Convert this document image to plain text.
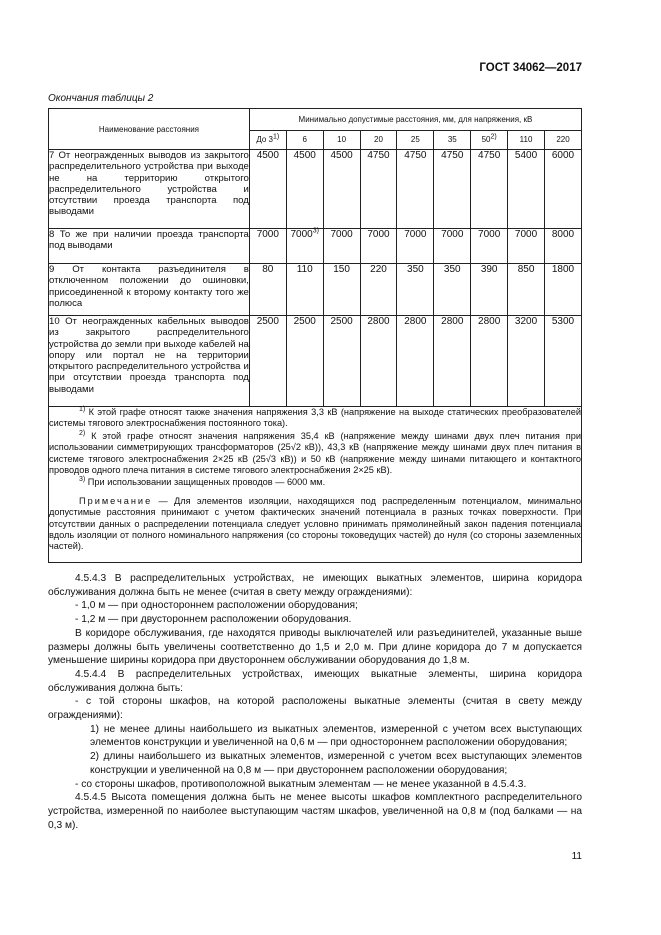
ГОСТ 34062—2017
Окончания таблицы 2
Наименование расстояния	Минимально допустимые расстояния, мм, для напряжения, кВ								
	До 3$^{1)}$	6	10	20	25	35	50$^{2)}$	110	220
7 От неогражденных выводов из закрытого распределительного устройства при выходе не на территорию открытого распределительного устройства и отсутствии проезда транспорта под выводами	4500	4500	4500	4750	4750	4750	4750	5400	6000
8 То же при наличии проезда транспорта под выводами	7000	7000$^{3)}$	7000	7000	7000	7000	7000	7000	8000
9 От контакта разъединителя в отключенном положении до ошиновки, присоединенной к второму контакту того же полюса	80	110	150	220	350	350	390	850	1800
10 От неогражденных кабельных выводов из закрытого распределительного устройства до земли при выходе кабелей на опору или портал не на территории открытого распределительного устройства и при отсутствии проезда транспорта под выводами	2500	2500	2500	2800	2800	2800	2800	3200	5300

$^{1)}$ К этой графе относят также значения напряжения 3,3 кВ (напряжение на выходе статических преобразователей системы тягового электроснабжения постоянного тока).

$^{2)}$ К этой графе относят значения напряжения 35,4 кВ (напряжение между шинами двух плеч питания при использовании симметрирующих трансформаторов (25√2 кВ)), 43,3 кВ (напряжение между шинами двух плеч питания в системе тягового электроснабжения 2×25 кВ (25√3 кВ)) и 50 кВ (напряжение между шинами питающего и контактного проводов одного плеча питания в системе тягового электроснабжения 2×25 кВ).

$^{3)}$ При использовании защищенных проводов — 6000 мм.

Примечание — Для элементов изоляции, находящихся под распределенным потенциалом, минимально допустимые расстояния принимают с учетом фактических значений потенциала в разных точках поверхности. При отсутствии данных о распределении потенциала следует условно принимать прямолинейный закон падения потенциала вдоль изоляции от полного номинального напряжения (со стороны токоведущих частей) до нуля (со стороны заземленных частей).									

4.5.4.3 В распределительных устройствах, не имеющих выкатных элементов, ширина коридора обслуживания должна быть не менее (считая в свету между ограждениями):

- 1,0 м — при одностороннем расположении оборудования;

- 1,2 м — при двустороннем расположении оборудования.

В коридоре обслуживания, где находятся приводы выключателей или разъединителей, указанные выше размеры должны быть увеличены соответственно до 1,5 и 2,0 м. При длине коридора до 7 м допускается уменьшение ширины коридора при двустороннем обслуживании оборудования до 1,8 м.

4.5.4.4 В распределительных устройствах, имеющих выкатные элементы, ширина коридора обслуживания должна быть:

- с той стороны шкафов, на которой расположены выкатные элементы (считая в свету между ограждениями):

1) не менее длины наибольшего из выкатных элементов, измеренной с учетом всех выступающих элементов конструкции и увеличенной на 0,6 м — при одностороннем расположении оборудования;

2) длины наибольшего из выкатных элементов, измеренной с учетом всех выступающих элементов конструкции и увеличенной на 0,8 м — при двустороннем расположении оборудования;

- со стороны шкафов, противоположной выкатным элементам — не менее указанной в 4.5.4.3.

4.5.4.5 Высота помещения должна быть не менее высоты шкафов комплектного распределительного устройства, измеренной по наиболее выступающим частям шкафов, увеличенной на 0,8 м (под балками — на 0,3 м).

11
